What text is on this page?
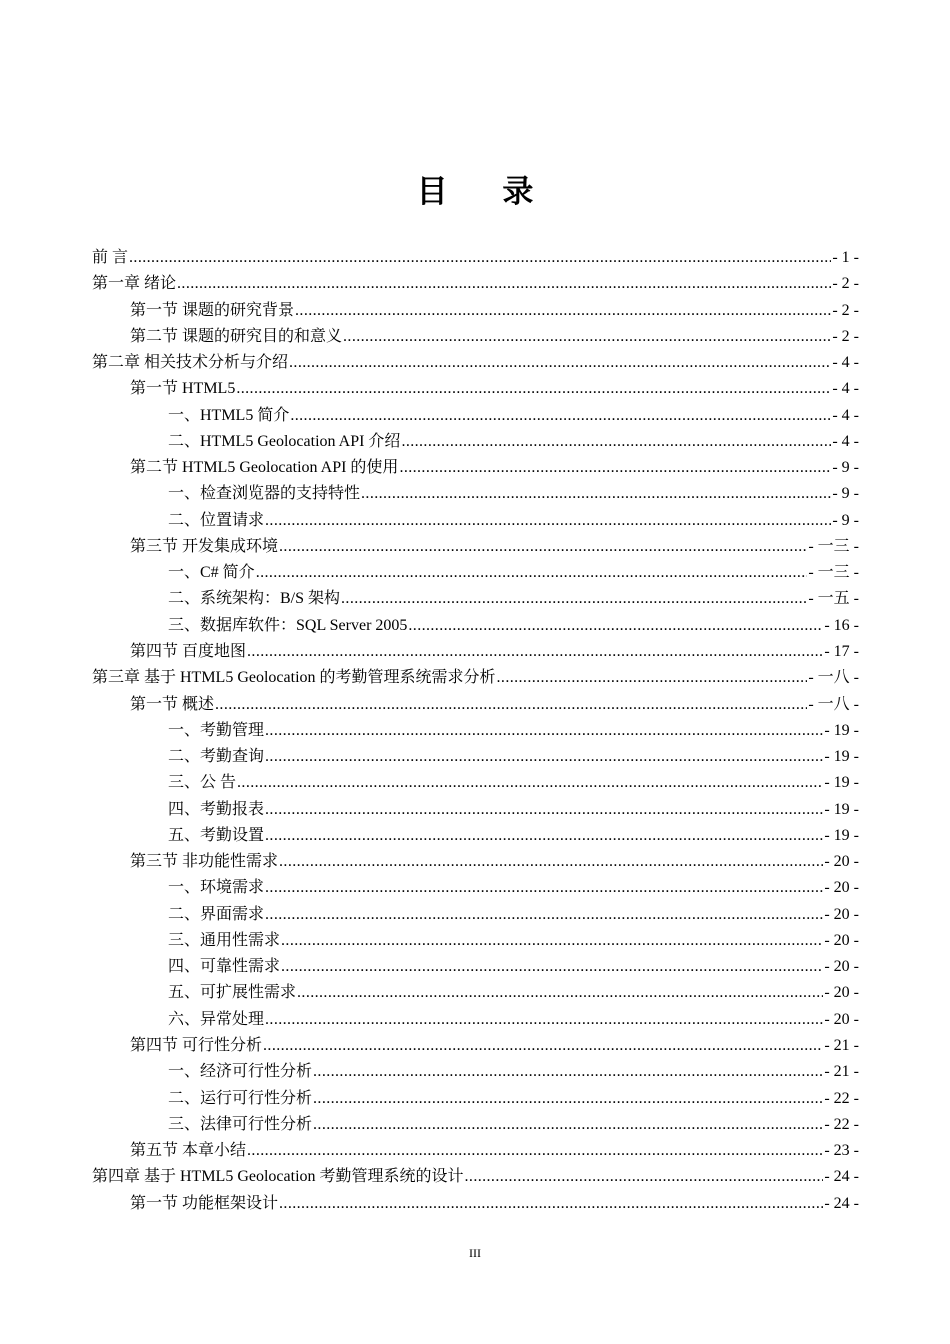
目 录
前 言 .....	- 1 -
第一章 绪论 .....	- 2 -
第一节 课题的研究背景 .....	- 2 -
第二节 课题的研究目的和意义 .....	- 2 -
第二章 相关技术分析与介绍 .....	- 4 -
第一节 HTML5 .....	- 4 -
一、HTML5 简介 .....	- 4 -
二、HTML5 Geolocation API 介绍 .....	- 4 -
第二节 HTML5 Geolocation API 的使用 .....	- 9 -
一、检查浏览器的支持特性 .....	- 9 -
二、位置请求 .....	- 9 -
第三节 开发集成环境 .....	- 一三 -
一、C# 简介 .....	- 一三 -
二、系统架构：B/S 架构 .....	- 一五 -
三、数据库软件：SQL Server 2005 .....	- 16 -
第四节 百度地图 .....	- 17 -
第三章 基于 HTML5 Geolocation 的考勤管理系统需求分析 .....	- 一八 -
第一节 概述 .....	- 一八 -
一、考勤管理 .....	- 19 -
二、考勤查询 .....	- 19 -
三、公 告 .....	- 19 -
四、考勤报表 .....	- 19 -
五、考勤设置 .....	- 19 -
第三节 非功能性需求 .....	- 20 -
一、环境需求 .....	- 20 -
二、界面需求 .....	- 20 -
三、通用性需求 .....	- 20 -
四、可靠性需求 .....	- 20 -
五、可扩展性需求 .....	- 20 -
六、异常处理 .....	- 20 -
第四节 可行性分析 .....	- 21 -
一、经济可行性分析 .....	- 21 -
二、运行可行性分析 .....	- 22 -
三、法律可行性分析 .....	- 22 -
第五节 本章小结 .....	- 23 -
第四章 基于 HTML5 Geolocation 考勤管理系统的设计 .....	- 24 -
第一节 功能框架设计 .....	- 24 -
III
